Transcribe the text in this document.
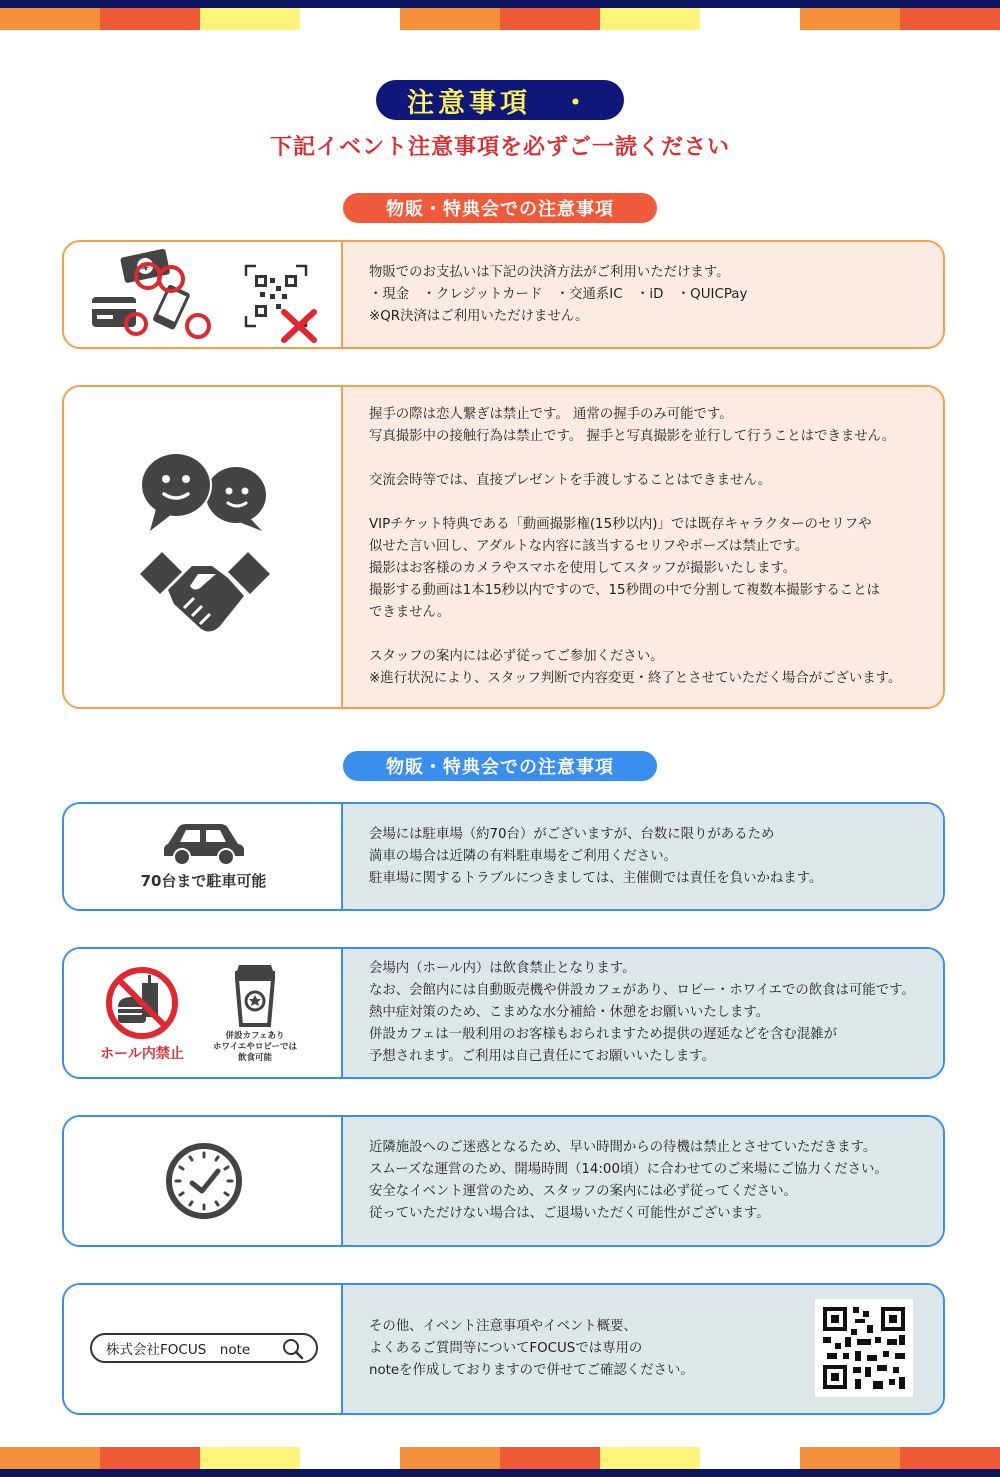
注意事項　・
下記イベント注意事項を必ずご一読ください
物販・特典会での注意事項
¥	物販でのお支払いは下記の決済方法がご利用いただけます。

・現金　・クレジットカード　・交通系IC　・iD　・QUICPay

※QR決済はご利用いただけません。

握手の際は恋人繋ぎは禁止です。 通常の握手のみ可能です。

写真撮影中の接触行為は禁止です。 握手と写真撮影を並行して行うことはできません。

交流会時等では、直接プレゼントを手渡しすることはできません。

VIPチケット特典である「動画撮影権(15秒以内)」では既存キャラクターのセリフや

似せた言い回し、アダルトな内容に該当するセリフやポーズは禁止です。

撮影はお客様のカメラやスマホを使用してスタッフが撮影いたします。

撮影する動画は1本15秒以内ですので、15秒間の中で分割して複数本撮影することは

できません。

スタッフの案内には必ず従ってご参加ください。

※進行状況により、スタッフ判断で内容変更・終了とさせていただく場合がございます。

物販・特典会での注意事項
70台まで駐車可能

会場には駐車場（約70台）がございますが、台数に限りがあるため

満車の場合は近隣の有料駐車場をご利用ください。

駐車場に関するトラブルにつきましては、主催側では責任を負いかねます。

ホール内禁止
併設カフェあり
ホワイエやロビーでは
飲食可能

会場内（ホール内）は飲食禁止となります。

なお、会館内には自動販売機や併設カフェがあり、ロビー・ホワイエでの飲食は可能です。

熱中症対策のため、こまめな水分補給・休憩をお願いいたします。

併設カフェは一般利用のお客様もおられますため提供の遅延などを含む混雑が

予想されます。ご利用は自己責任にてお願いいたします。

近隣施設へのご迷惑となるため、早い時間からの待機は禁止とさせていただきます。

スムーズな運営のため、開場時間（14:00頃）に合わせてのご来場にご協力ください。

安全なイベント運営のため、スタッフの案内には必ず従ってください。

従っていただけない場合は、ご退場いただく可能性がございます。

株式会社FOCUS　note

その他、イベント注意事項やイベント概要、

よくあるご質問等についてFOCUSでは専用の

noteを作成しておりますので併せてご確認ください。
